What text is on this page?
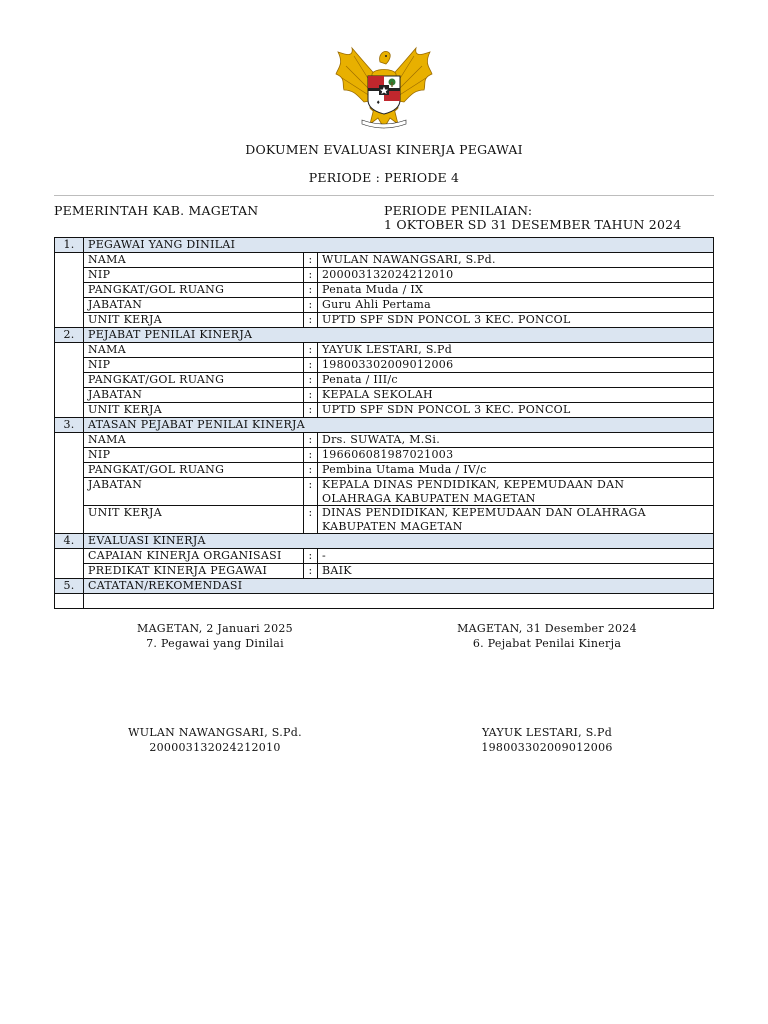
♦
DOKUMEN EVALUASI KINERJA PEGAWAI
PERIODE : PERIODE 4
PEMERINTAH KAB. MAGETAN	PERIODE PENILAIAN:
1 OKTOBER SD 31 DESEMBER TAHUN 2024
1.	PEGAWAI YANG DINILAI		
	NAMA	:	WULAN NAWANGSARI, S.Pd.
	NIP	:	200003132024212010
	PANGKAT/GOL RUANG	:	Penata Muda / IX
	JABATAN	:	Guru Ahli Pertama
	UNIT KERJA	:	UPTD SPF SDN PONCOL 3 KEC. PONCOL
2.	PEJABAT PENILAI KINERJA		
	NAMA	:	YAYUK LESTARI, S.Pd
	NIP	:	198003302009012006
	PANGKAT/GOL RUANG	:	Penata / III/c
	JABATAN	:	KEPALA SEKOLAH
	UNIT KERJA	:	UPTD SPF SDN PONCOL 3 KEC. PONCOL
3.	ATASAN PEJABAT PENILAI KINERJA		
	NAMA	:	Drs. SUWATA, M.Si.
	NIP	:	196606081987021003
	PANGKAT/GOL RUANG	:	Pembina Utama Muda / IV/c
	JABATAN	:	KEPALA DINAS PENDIDIKAN, KEPEMUDAAN DAN
OLAHRAGA KABUPATEN MAGETAN

	UNIT KERJA	:	DINAS PENDIDIKAN, KEPEMUDAAN DAN OLAHRAGA
KABUPATEN MAGETAN

4.	EVALUASI KINERJA		
	CAPAIAN KINERJA ORGANISASI	:	-
	PREDIKAT KINERJA PEGAWAI	:	BAIK
5.	CATATAN/REKOMENDASI		

MAGETAN, 2 Januari 2025
7. Pegawai yang Dinilai
MAGETAN, 31 Desember 2024
6. Pejabat Penilai Kinerja
WULAN NAWANGSARI, S.Pd.
200003132024212010
YAYUK LESTARI, S.Pd
198003302009012006
